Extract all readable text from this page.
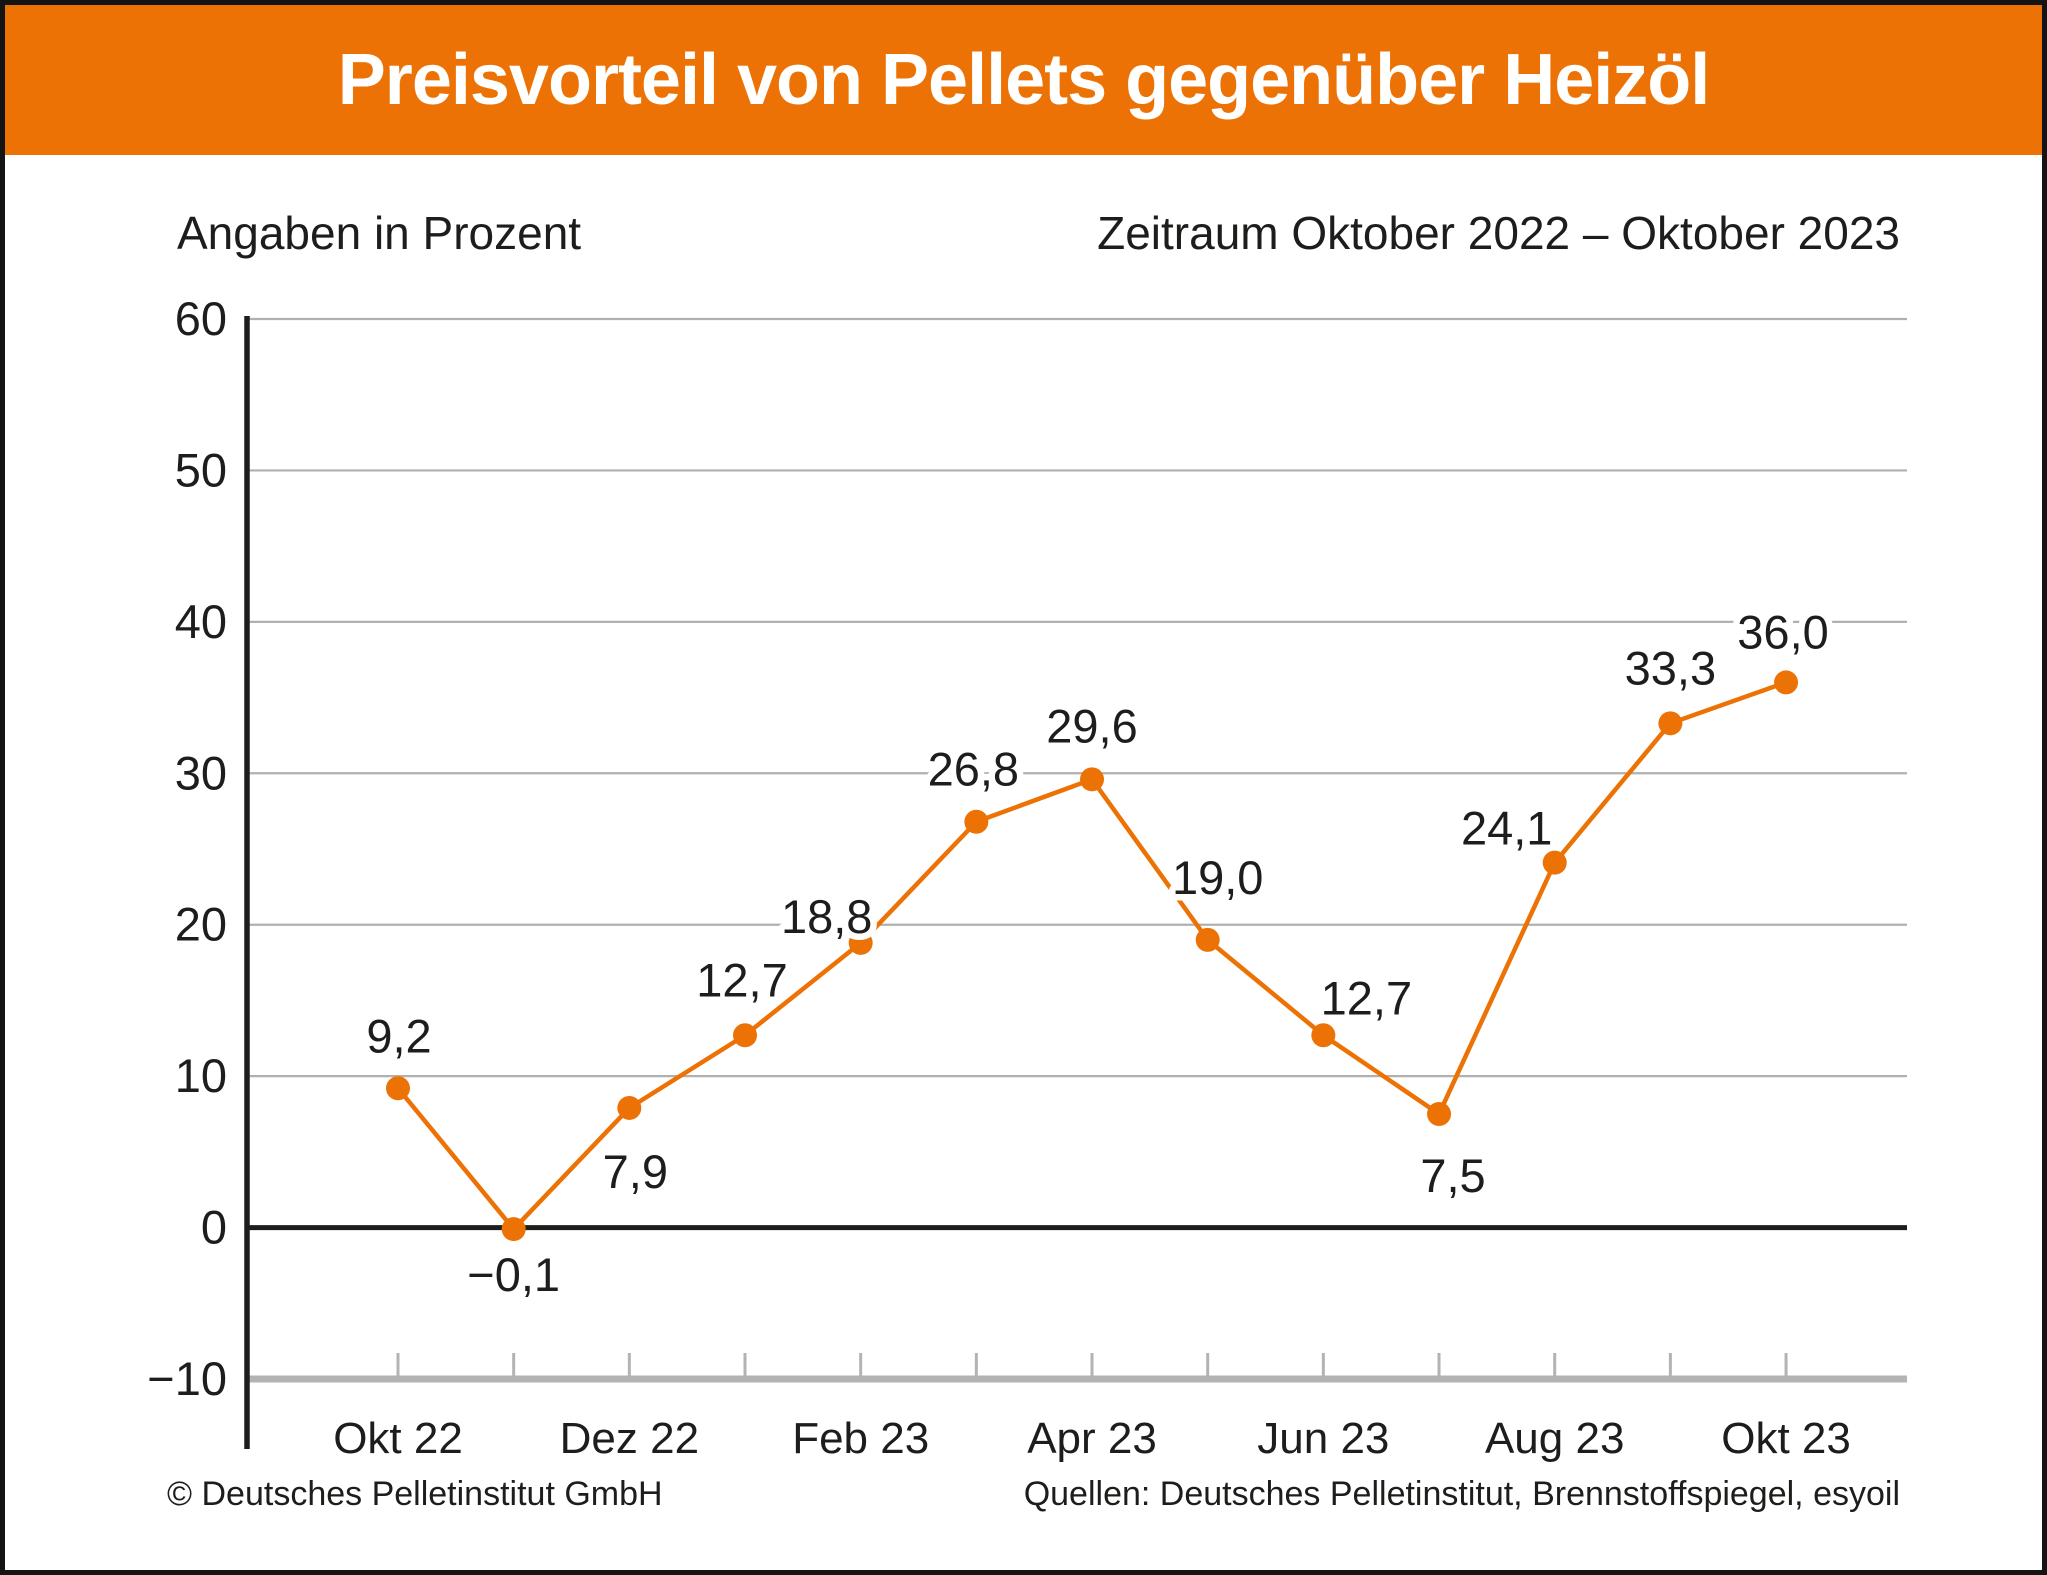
Preisvorteil von Pellets gegenüber Heizöl
Angaben in Prozent	Zeitraum Oktober 2022 – Oktober 2023
60
50
40
30
20
10
0
−10
Okt 22 Dez 22 Feb 23 Apr 23 Jun 23 Aug 23 Okt 23
9,2
−0,1
7,9
12,7
18,8
26,8
29,6
19,0
12,7
7,5
24,1
33,3
36,0
© Deutsches Pelletinstitut GmbH	Quellen: Deutsches Pelletinstitut, Brennstoffspiegel, esyoil
